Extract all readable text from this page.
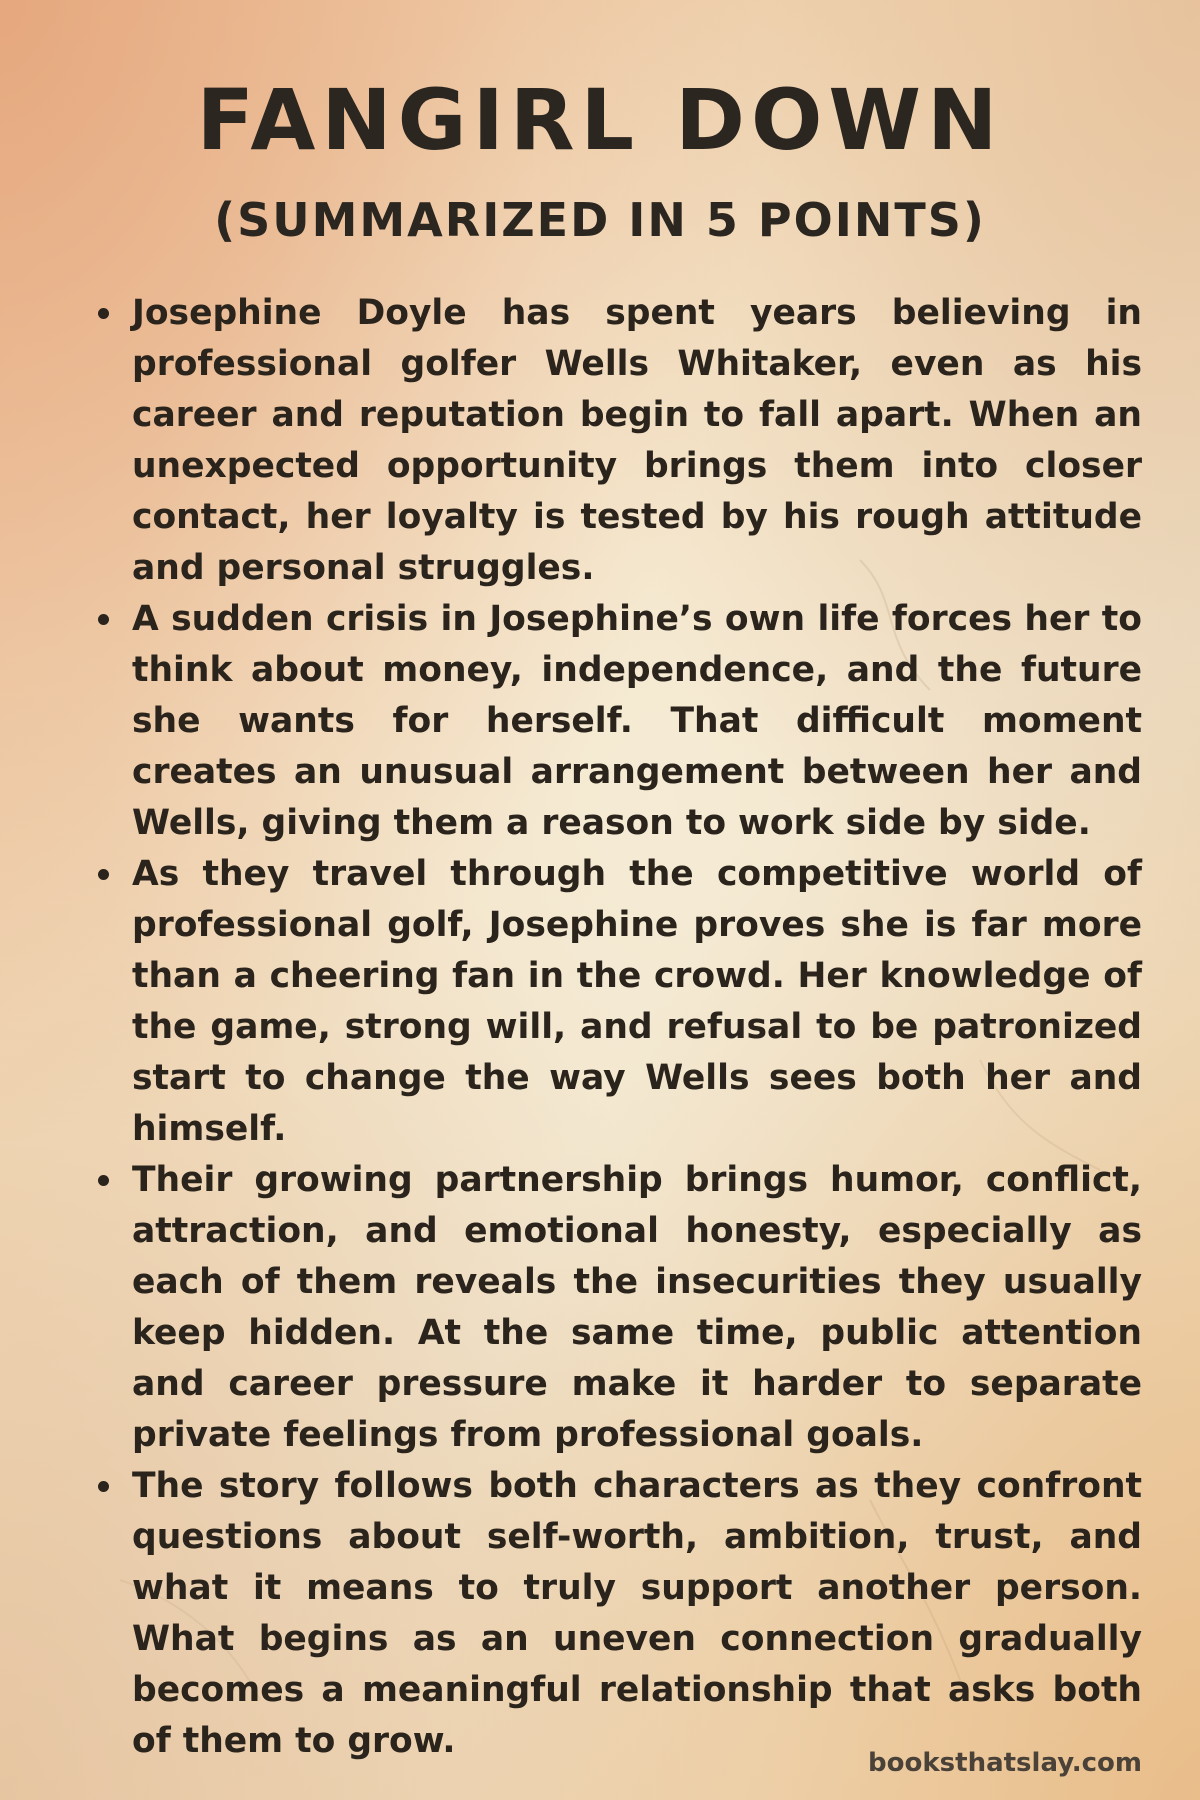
FANGIRL DOWN
(SUMMARIZED IN 5 POINTS)
Josephine Doyle has spent years believing in professional golfer Wells Whitaker, even as his career and reputation begin to fall apart. When an unexpected opportunity brings them into closer contact, her loyalty is tested by his rough attitude and personal struggles.
A sudden crisis in Josephine’s own life forces her to think about money, independence, and the future she wants for herself. That difficult moment creates an unusual arrangement between her and Wells, giving them a reason to work side by side.
As they travel through the competitive world of professional golf, Josephine proves she is far more than a cheering fan in the crowd. Her knowledge of the game, strong will, and refusal to be patronized start to change the way Wells sees both her and himself.
Their growing partnership brings humor, conflict, attraction, and emotional honesty, especially as each of them reveals the insecurities they usually keep hidden. At the same time, public attention and career pressure make it harder to separate private feelings from professional goals.
The story follows both characters as they confront questions about self-worth, ambition, trust, and what it means to truly support another person. What begins as an uneven connection gradually becomes a meaningful relationship that asks both of them to grow.
booksthatslay.com
